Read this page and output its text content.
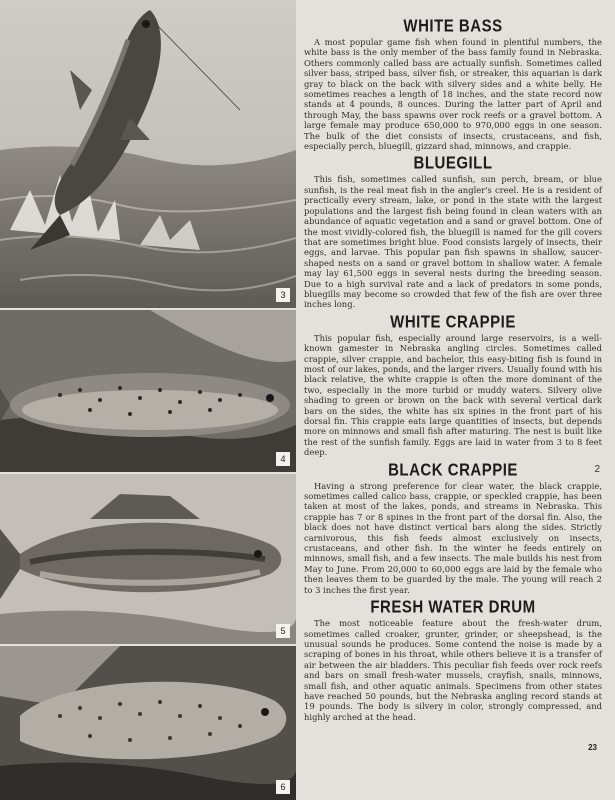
3
4
5
6
WHITE BASS

A most popular game fish when found in plentiful numbers, the white bass is the only member of the bass family found in Nebraska. Others commonly called bass are actually sunfish. Sometimes called silver bass, striped bass, silver fish, or streaker, this aquarian is dark gray to black on the back with silvery sides and a white belly. He sometimes reaches a length of 18 inches, and the state record now stands at 4 pounds, 8 ounces. During the latter part of April and through May, the bass spawns over rock reefs or a gravel bottom. A large female may produce 650,000 to 970,000 eggs in one season. The bulk of the diet consists of insects, crustaceans, and fish, especially perch, bluegill, gizzard shad, minnows, and crappie.

BLUEGILL

This fish, sometimes called sunfish, sun perch, bream, or blue sunfish, is the real meat fish in the angler's creel. He is a resident of practically every stream, lake, or pond in the state with the largest populations and the largest fish being found in clean waters with an abundance of aquatic vegetation and a sand or gravel bottom. One of the most vividly-colored fish, the bluegill is named for the gill covers that are sometimes bright blue. Food consists largely of insects, their eggs, and larvae. This popular pan fish spawns in shallow, saucer-shaped nests on a sand or gravel bottom in shallow water. A female may lay 61,500 eggs in several nests during the breeding season. Due to a high survival rate and a lack of predators in some ponds, bluegills may become so crowded that few of the fish are over three inches long.

WHITE CRAPPIE

This popular fish, especially around large reservoirs, is a well-known gamester in Nebraska angling circles. Sometimes called crappie, silver crappie, and bachelor, this easy-biting fish is found in most of our lakes, ponds, and the larger rivers. Usually found with his black relative, the white crappie is often the more dominant of the two, especially in the more turbid or muddy waters. Silvery olive shading to green or brown on the back with several vertical dark bars on the sides, the white has six spines in the front part of his dorsal fin. This crappie eats large quantities of insects, but depends more on minnows and small fish after maturing. The nest is built like the rest of the sunfish family. Eggs are laid in water from 3 to 8 feet deep.

BLACK CRAPPIE	2

Having a strong preference for clear water, the black crappie, sometimes called calico bass, crappie, or speckled crappie, has been taken at most of the lakes, ponds, and streams in Nebraska. This crappie has 7 or 8 spines in the front part of the dorsal fin. Also, the black does not have distinct vertical bars along the sides. Strictly carnivorous, this fish feeds almost exclusively on insects, crustaceans, and other fish. In the winter he feeds entirely on minnows, small fish, and a few insects. The male builds his nest from May to June. From 20,000 to 60,000 eggs are laid by the female who then leaves them to be guarded by the male. The young will reach 2 to 3 inches the first year.

FRESH WATER DRUM

The most noticeable feature about the fresh-water drum, sometimes called croaker, grunter, grinder, or sheepshead, is the unusual sounds he produces. Some contend the noise is made by a scraping of bones in his throat, while others believe it is a transfer of air between the air bladders. This peculiar fish feeds over rock reefs and bars on small fresh-water mussels, crayfish, snails, minnows, small fish, and other aquatic animals. Specimens from other states have reached 50 pounds, but the Nebraska angling record stands at 19 pounds. The body is silvery in color, strongly compressed, and highly arched at the head.

23
